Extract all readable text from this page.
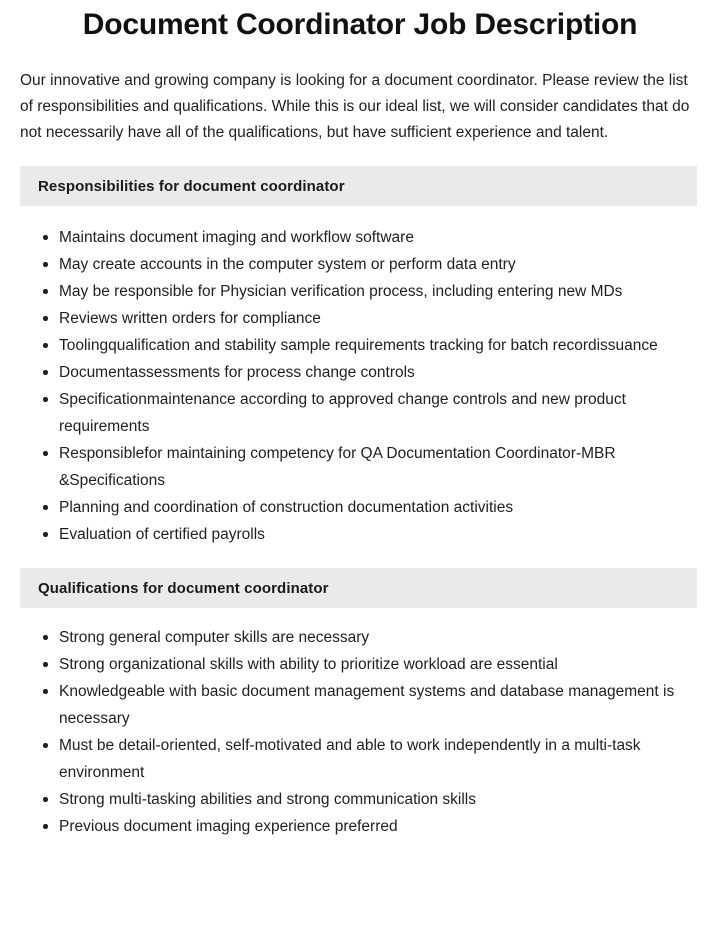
Document Coordinator Job Description

Our innovative and growing company is looking for a document coordinator. Please review the list of responsibilities and qualifications. While this is our ideal list, we will consider candidates that do not necessarily have all of the qualifications, but have sufficient experience and talent.

Responsibilities for document coordinator
Maintains document imaging and workflow software
May create accounts in the computer system or perform data entry
May be responsible for Physician verification process, including entering new MDs
Reviews written orders for compliance
Toolingqualification and stability sample requirements tracking for batch recordissuance
Documentassessments for process change controls
Specificationmaintenance according to approved change controls and new product requirements
Responsiblefor maintaining competency for QA Documentation Coordinator-MBR &Specifications
Planning and coordination of construction documentation activities
Evaluation of certified payrolls
Qualifications for document coordinator
Strong general computer skills are necessary
Strong organizational skills with ability to prioritize workload are essential
Knowledgeable with basic document management systems and database management is necessary
Must be detail-oriented, self-motivated and able to work independently in a multi-task environment
Strong multi-tasking abilities and strong communication skills
Previous document imaging experience preferred
